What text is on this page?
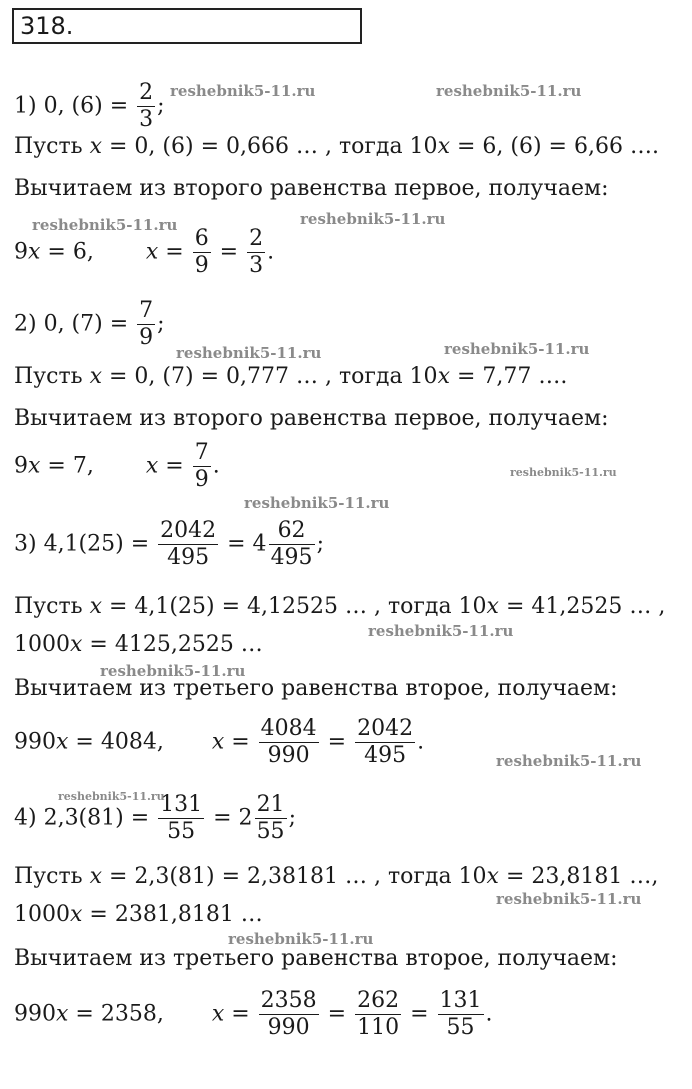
318.
1) 0, $(6) = \frac{2}{3}$ ;
Пусть x = 0, (6) = 0,666 … , тогда 10x = 6, (6) = 6,66 ….
Вычитаем из второго равенства первое, получаем:
9x = 6, $x = \frac{6}{9} = \frac{2}{3}$ .
2) 0, $(7) = \frac{7}{9}$ ;
Пусть x = 0, (7) = 0,777 … , тогда 10x = 7,77 ….
Вычитаем из второго равенства первое, получаем:
9x = 7, $x = \frac{7}{9}$ .
3) $4,1(25) = \frac{2042}{495} = 4 \frac{62}{495}$ ;
Пусть x = 4,1(25) = 4,12525 … , тогда 10x = 41,2525 … ,
1000x = 4125,2525 …
Вычитаем из третьего равенства второе, получаем:
990x = 4084, $x = \frac{4084}{990} = \frac{2042}{495}$ .
4) $2,3(81) = \frac{131}{55} = 2 \frac{21}{55}$ ;
Пусть x = 2,3(81) = 2,38181 … , тогда 10x = 23,8181 …,
1000x = 2381,8181 …
Вычитаем из третьего равенства второе, получаем:
990x = 2358, $x = \frac{2358}{990} = \frac{262}{110} = \frac{131}{55}$ .
reshebnik5-11.ru	reshebnik5-11.ru
reshebnik5-11.ru	reshebnik5-11.ru
reshebnik5-11.ru	reshebnik5-11.ru
reshebnik5-11.ru
reshebnik5-11.ru
reshebnik5-11.ru
reshebnik5-11.ru
reshebnik5-11.ru
reshebnik5-11.ru
reshebnik5-11.ru
reshebnik5-11.ru
